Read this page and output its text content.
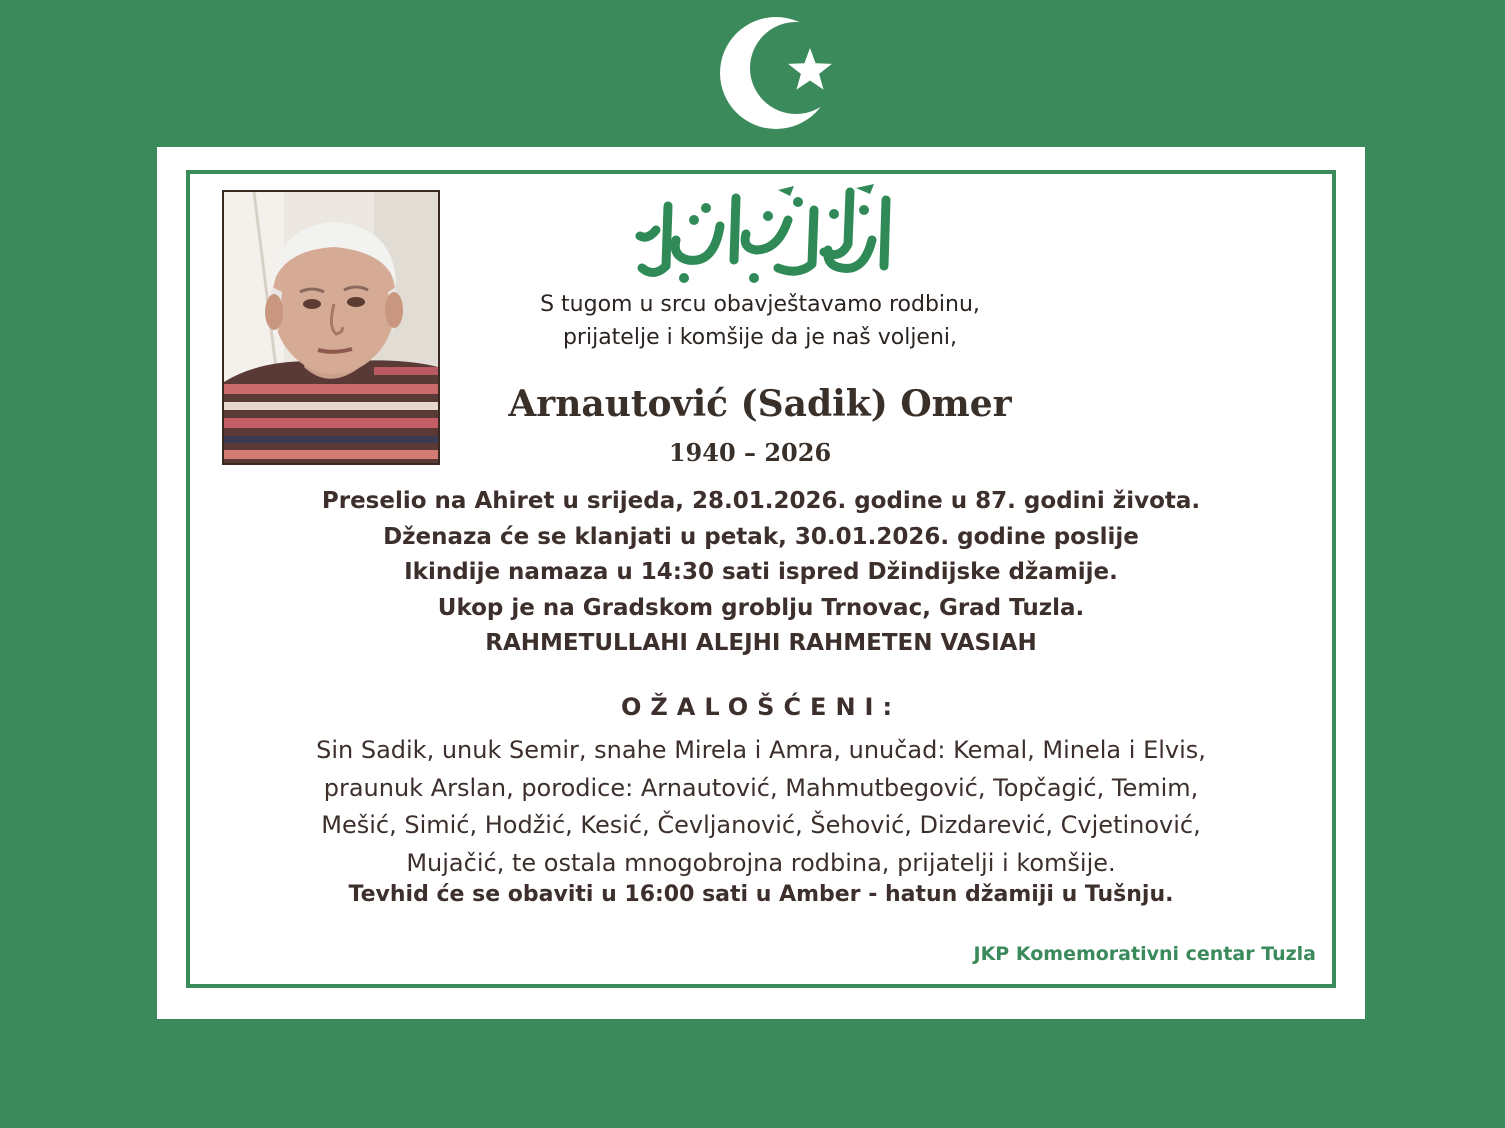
S tugom u srcu obavještavamo rodbinu,
prijatelje i komšije da je naš voljeni,
Arnautović (Sadik) Omer
1940 – 2026
Preselio na Ahiret u srijeda, 28.01.2026. godine u 87. godini života.
Dženaza će se klanjati u petak, 30.01.2026. godine poslije
Ikindije namaza u 14:30 sati ispred Džindijske džamije.
Ukop je na Gradskom groblju Trnovac, Grad Tuzla.
RAHMETULLAHI ALEJHI RAHMETEN VASIAH
OŽALOŠĆENI:
Sin Sadik, unuk Semir, snahe Mirela i Amra, unučad: Kemal, Minela i Elvis,
praunuk Arslan, porodice: Arnautović, Mahmutbegović, Topčagić, Temim,
Mešić, Simić, Hodžić, Kesić, Čevljanović, Šehović, Dizdarević, Cvjetinović,
Mujačić, te ostala mnogobrojna rodbina, prijatelji i komšije.
Tevhid će se obaviti u 16:00 sati u Amber - hatun džamiji u Tušnju.
JKP Komemorativni centar Tuzla
